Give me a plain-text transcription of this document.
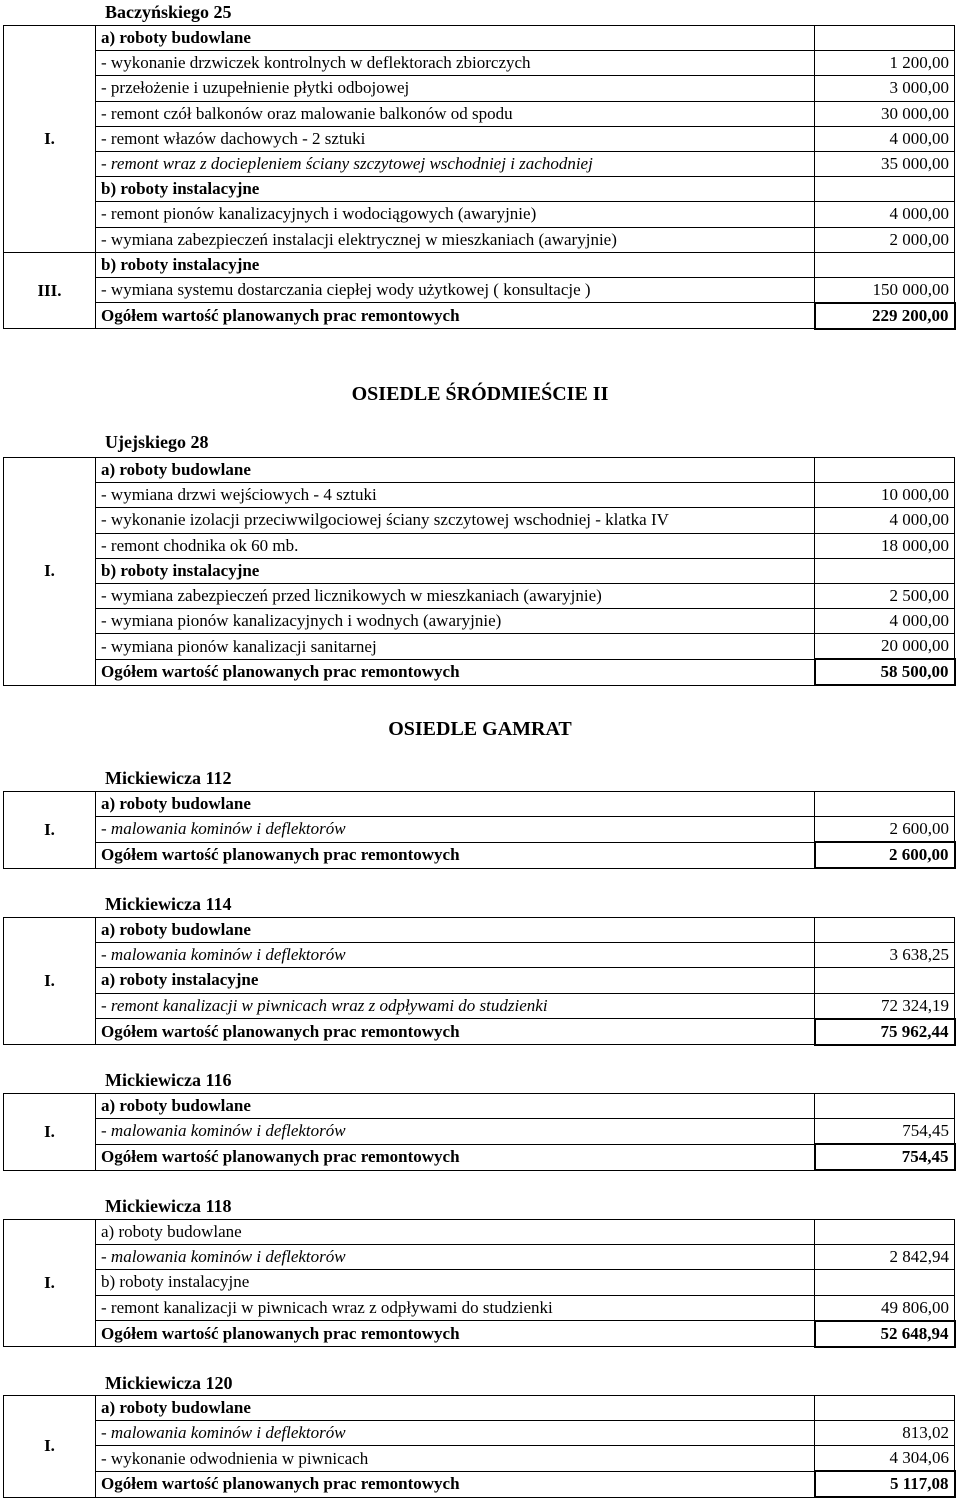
Baczyńskiego 25
I.	a) roboty budowlane	
	- wykonanie drzwiczek kontrolnych w deflektorach zbiorczych	1 200,00
	- przełożenie i uzupełnienie płytki odbojowej	3 000,00
	- remont czół balkonów oraz malowanie balkonów od spodu	30 000,00
	- remont włazów dachowych - 2 sztuki	4 000,00
	- remont wraz z dociepleniem ściany szczytowej wschodniej i zachodniej	35 000,00
	b) roboty instalacyjne	
	- remont pionów kanalizacyjnych i wodociągowych (awaryjnie)	4 000,00
	- wymiana zabezpieczeń instalacji elektrycznej w mieszkaniach (awaryjnie)	2 000,00
III.	b) roboty instalacyjne	
	- wymiana systemu dostarczania ciepłej wody użytkowej ( konsultacje )	150 000,00
	Ogółem wartość planowanych prac remontowych	229 200,00
OSIEDLE ŚRÓDMIEŚCIE II
Ujejskiego 28
I.	a) roboty budowlane	
	- wymiana drzwi wejściowych - 4 sztuki	10 000,00
	- wykonanie izolacji przeciwwilgociowej ściany szczytowej wschodniej - klatka IV	4 000,00
	- remont chodnika ok 60 mb.	18 000,00
	b) roboty instalacyjne	
	- wymiana zabezpieczeń przed licznikowych w mieszkaniach (awaryjnie)	2 500,00
	- wymiana pionów kanalizacyjnych i wodnych (awaryjnie)	4 000,00
	- wymiana pionów kanalizacji sanitarnej	20 000,00
	Ogółem wartość planowanych prac remontowych	58 500,00
OSIEDLE GAMRAT
Mickiewicza 112
I.	a) roboty budowlane	
	- malowania kominów i deflektorów	2 600,00
	Ogółem wartość planowanych prac remontowych	2 600,00
Mickiewicza 114
I.	a) roboty budowlane	
	- malowania kominów i deflektorów	3 638,25
	a) roboty instalacyjne	
	- remont kanalizacji w piwnicach wraz z odpływami do studzienki	72 324,19
	Ogółem wartość planowanych prac remontowych	75 962,44
Mickiewicza 116
I.	a) roboty budowlane	
	- malowania kominów i deflektorów	754,45
	Ogółem wartość planowanych prac remontowych	754,45
Mickiewicza 118
I.	a) roboty budowlane	
	- malowania kominów i deflektorów	2 842,94
	b) roboty instalacyjne	
	- remont kanalizacji w piwnicach wraz z odpływami do studzienki	49 806,00
	Ogółem wartość planowanych prac remontowych	52 648,94
Mickiewicza 120
I.	a) roboty budowlane	
	- malowania kominów i deflektorów	813,02
	- wykonanie odwodnienia w piwnicach	4 304,06
	Ogółem wartość planowanych prac remontowych	5 117,08
